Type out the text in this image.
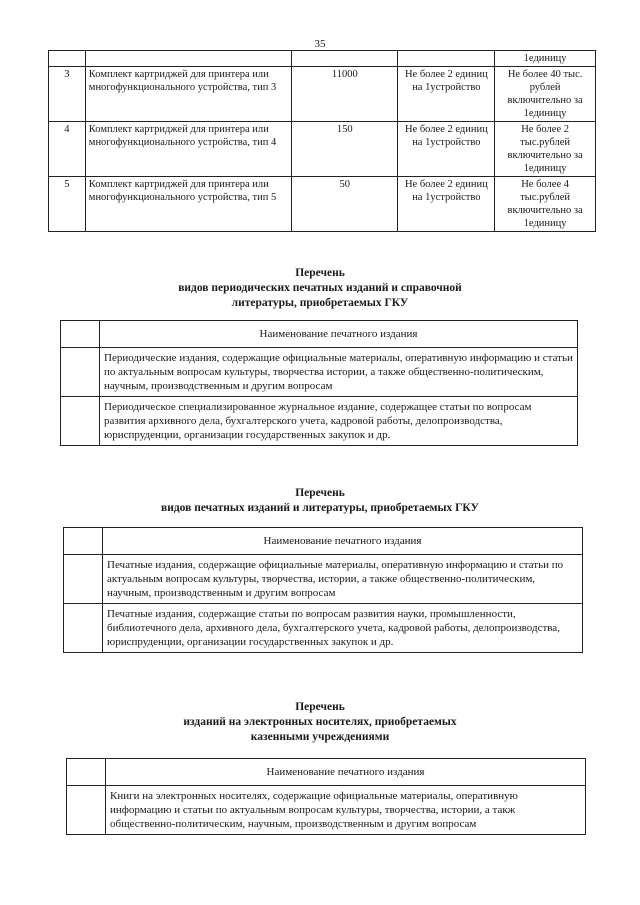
35
				1единицу
3	Комплект картриджей для принтера или многофункционального устройства, тип 3	11000	Не более 2 единиц на 1устройство	Не более 40 тыс. рублей включительно за 1единицу
4	Комплект картриджей для принтера или многофункционального устройства, тип 4	150	Не более 2 единиц на 1устройство	Не более 2 тыс.рублей включительно за 1единицу
5	Комплект картриджей для принтера или многофункционального устройства, тип 5	50	Не более 2 единиц на 1устройство	Не более 4 тыс.рублей включительно за 1единицу
Перечень
видов периодических печатных изданий и справочной
литературы, приобретаемых ГКУ
	Наименование печатного издания
	Периодические издания, содержащие официальные материалы, оперативную информацию и статьи по актуальным вопросам культуры, творчества истории, а также общественно-политическим, научным, производственным и другим вопросам
	Периодическое специализированное журнальное издание, содержащее статьи по вопросам развития архивного дела, бухгалтерского учета, кадровой работы, делопроизводства, юриспруденции, организации государственных закупок и др.
Перечень
видов печатных изданий и литературы, приобретаемых ГКУ
	Наименование печатного издания
	Печатные издания, содержащие официальные материалы, оперативную информацию и статьи по актуальным вопросам культуры, творчества, истории, а также общественно-политическим, научным, производственным и другим вопросам
	Печатные издания, содержащие статьи по вопросам развития науки, промышленности, библиотечного дела, архивного дела, бухгалтерского учета, кадровой работы, делопроизводства, юриспруденции, организации государственных закупок и др.
Перечень
изданий на электронных носителях, приобретаемых
казенными учреждениями
	Наименование печатного издания
	Книги на электронных носителях, содержащие официальные материалы, оперативную информацию и статьи по актуальным вопросам культуры, творчества, истории, а такж общественно-политическим, научным, производственным и другим вопросам
